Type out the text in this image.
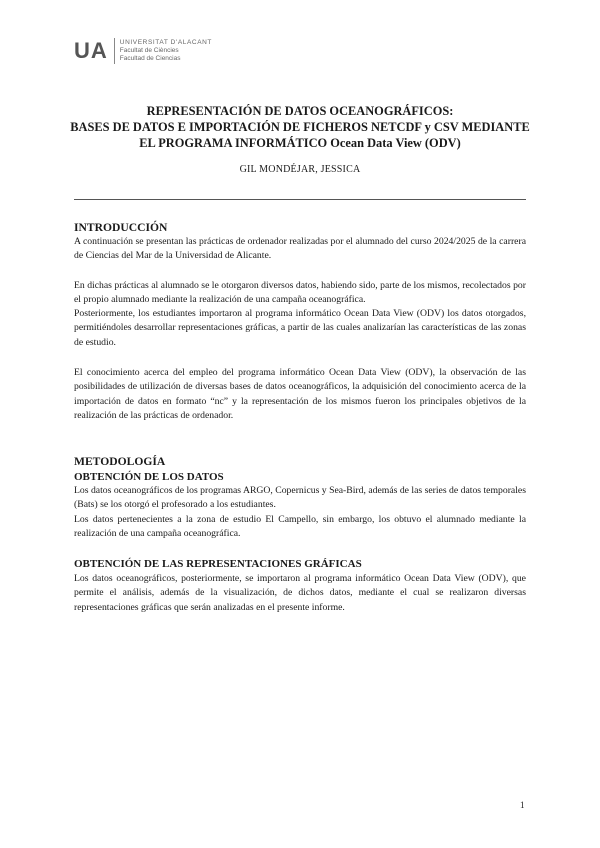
UA	UNIVERSITAT D'ALACANT
Facultat de Ciències
Facultad de Ciencias
REPRESENTACIÓN DE DATOS OCEANOGRÁFICOS:
BASES DE DATOS E IMPORTACIÓN DE FICHEROS NETCDF y CSV MEDIANTE
EL PROGRAMA INFORMÁTICO Ocean Data View (ODV)
GIL MONDÉJAR, JESSICA
INTRODUCCIÓN
A continuación se presentan las prácticas de ordenador realizadas por el alumnado del curso 2024/2025 de la carrera de Ciencias del Mar de la Universidad de Alicante.
En dichas prácticas al alumnado se le otorgaron diversos datos, habiendo sido, parte de los mismos, recolectados por el propio alumnado mediante la realización de una campaña oceanográfica.
Posteriormente, los estudiantes importaron al programa informático Ocean Data View (ODV) los datos otorgados, permitiéndoles desarrollar representaciones gráficas, a partir de las cuales analizarían las características de las zonas de estudio.
El conocimiento acerca del empleo del programa informático Ocean Data View (ODV), la observación de las posibilidades de utilización de diversas bases de datos oceanográficos, la adquisición del conocimiento acerca de la importación de datos en formato “nc” y la representación de los mismos fueron los principales objetivos de la realización de las prácticas de ordenador.
METODOLOGÍA
OBTENCIÓN DE LOS DATOS
Los datos oceanográficos de los programas ARGO, Copernicus y Sea-Bird, además de las series de datos temporales (Bats) se los otorgó el profesorado a los estudiantes.
Los datos pertenecientes a la zona de estudio El Campello, sin embargo, los obtuvo el alumnado mediante la realización de una campaña oceanográfica.
OBTENCIÓN DE LAS REPRESENTACIONES GRÁFICAS
Los datos oceanográficos, posteriormente, se importaron al programa informático Ocean Data View (ODV), que permite el análisis, además de la visualización, de dichos datos, mediante el cual se realizaron diversas representaciones gráficas que serán analizadas en el presente informe.
1
